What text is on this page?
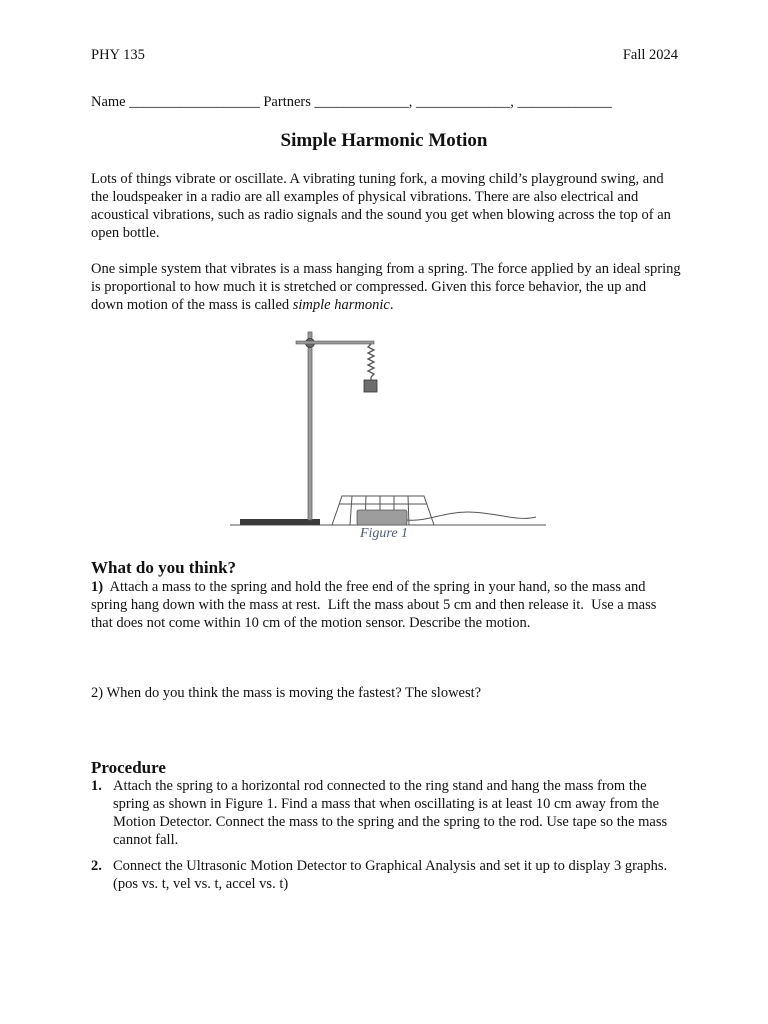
PHY 135	Fall 2024
Name __________________ Partners _____________, _____________, _____________
Simple Harmonic Motion

Lots of things vibrate or oscillate. A vibrating tuning fork, a moving child’s playground swing, and the loudspeaker in a radio are all examples of physical vibrations. There are also electrical and acoustical vibrations, such as radio signals and the sound you get when blowing across the top of an open bottle.

One simple system that vibrates is a mass hanging from a spring. The force applied by an ideal spring is proportional to how much it is stretched or compressed. Given this force behavior, the up and down motion of the mass is called simple harmonic.

Figure 1
What do you think?
1)  Attach a mass to the spring and hold the free end of the spring in your hand, so the mass and spring hang down with the mass at rest.  Lift the mass about 5 cm and then release it.  Use a mass that does not come within 10 cm of the motion sensor. Describe the motion.
2) When do you think the mass is moving the fastest? The slowest?
Procedure
1. Attach the spring to a horizontal rod connected to the ring stand and hang the mass from the spring as shown in Figure 1. Find a mass that when oscillating is at least 10 cm away from the Motion Detector. Connect the mass to the spring and the spring to the rod. Use tape so the mass cannot fall.
2. Connect the Ultrasonic Motion Detector to Graphical Analysis and set it up to display 3 graphs. (pos vs. t, vel vs. t, accel vs. t)
